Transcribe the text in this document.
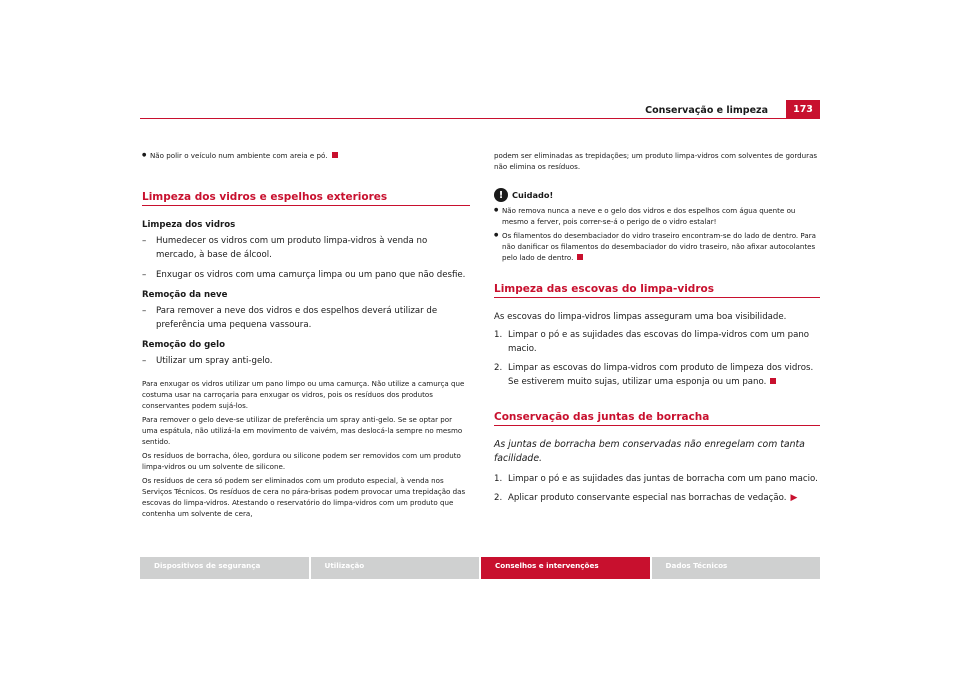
Conservação e limpeza	173

● Não polir o veículo num ambiente com areia e pó.

Limpeza dos vidros e espelhos exteriores
Limpeza dos vidros
– Humedecer os vidros com um produto limpa-vidros à venda no mercado, à base de álcool.
– Enxugar os vidros com uma camurça limpa ou um pano que não desfie.
Remoção da neve
– Para remover a neve dos vidros e dos espelhos deverá utilizar de preferência uma pequena vassoura.
Remoção do gelo
– Utilizar um spray anti-gelo.

Para enxugar os vidros utilizar um pano limpo ou uma camurça. Não utilize a camurça que costuma usar na carroçaria para enxugar os vidros, pois os resíduos dos produtos conservantes podem sujá-los.

Para remover o gelo deve-se utilizar de preferência um spray anti-gelo. Se se optar por uma espátula, não utilizá-la em movimento de vaivém, mas deslocá-la sempre no mesmo sentido.

Os resíduos de borracha, óleo, gordura ou silicone podem ser removidos com um produto limpa-vidros ou um solvente de silicone.

Os resíduos de cera só podem ser eliminados com um produto especial, à venda nos Serviços Técnicos. Os resíduos de cera no pára-brisas podem provocar uma trepidação das escovas do limpa-vidros. Atestando o reservatório do limpa-vidros com um produto que contenha um solvente de cera,

podem ser eliminadas as trepidações; um produto limpa-vidros com solventes de gorduras não elimina os resíduos.

!	Cuidado!

● Não remova nunca a neve e o gelo dos vidros e dos espelhos com água quente ou mesmo a ferver, pois correr-se-á o perigo de o vidro estalar!

● Os filamentos do desembaciador do vidro traseiro encontram-se do lado de dentro. Para não danificar os filamentos do desembaciador do vidro traseiro, não afixar autocolantes pelo lado de dentro.

Limpeza das escovas do limpa-vidros
As escovas do limpa-vidros limpas asseguram uma boa visibilidade.
1. Limpar o pó e as sujidades das escovas do limpa-vidros com um pano macio.
2. Limpar as escovas do limpa-vidros com produto de limpeza dos vidros. Se estiverem muito sujas, utilizar uma esponja ou um pano.
Conservação das juntas de borracha

As juntas de borracha bem conservadas não enregelam com tanta facilidade.

1. Limpar o pó e as sujidades das juntas de borracha com um pano macio.
2. Aplicar produto conservante especial nas borrachas de vedação. ▶
Dispositivos de segurança	Utilização	Conselhos e intervenções	Dados Técnicos
